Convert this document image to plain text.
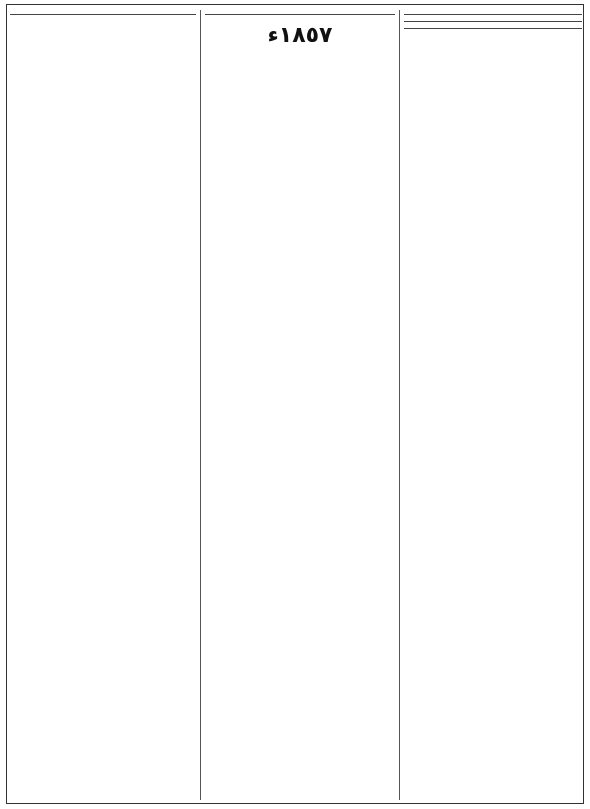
١٨٥٧ء
